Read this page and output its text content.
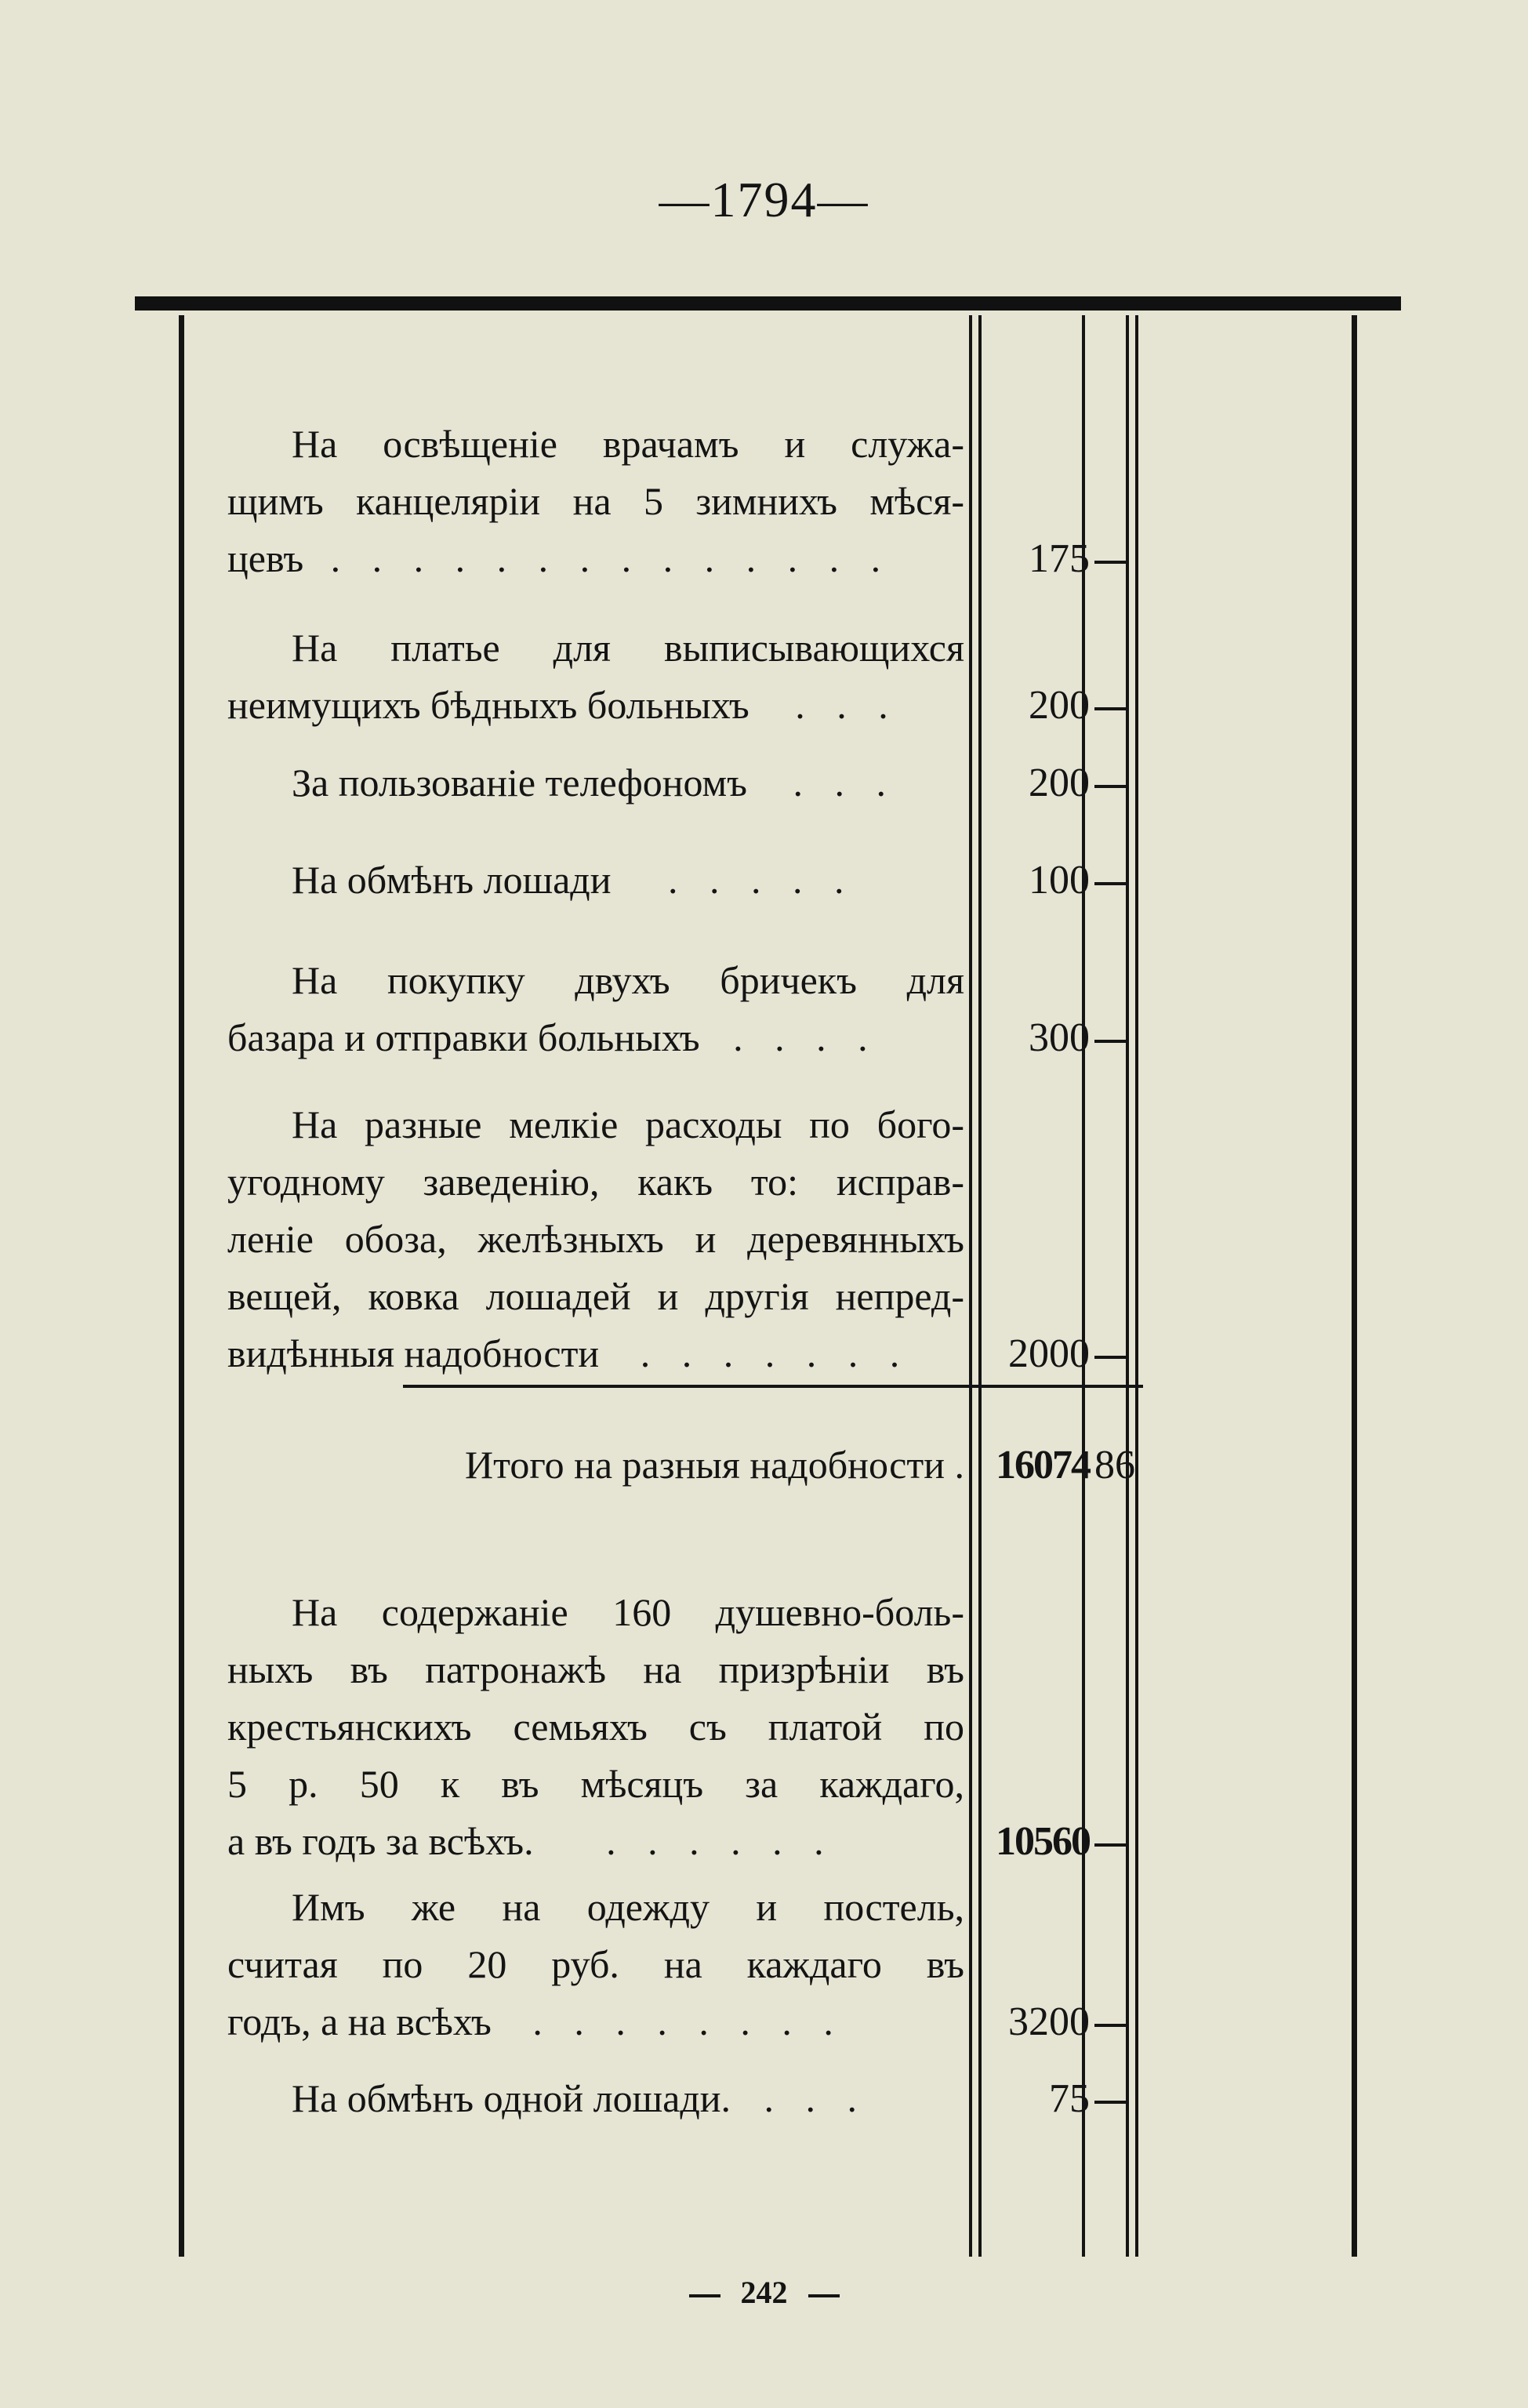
—1794—
На освѣщеніе врачамъ и служа-
щимъ канцеляріи на 5 зимнихъ мѣся-
цевъ . . . . . . . . . . . . . .	175
На платье для выписывающихся
неимущихъ бѣдныхъ больныхъ . . .	200
За пользованіе телефономъ . . .	200
На обмѣнъ лошади . . . . .	100
На покупку двухъ бричекъ для
базара и отправки больныхъ . . . .	300
На разные мелкіе расходы по бого-
угодному заведенію, какъ то: исправ-
леніе обоза, желѣзныхъ и деревянныхъ
вещей, ковка лошадей и другія непред-
видѣнныя надобности . . . . . . .	2000
Итого на разныя надобности . 16074 86
На содержаніе 160 душевно-боль-
ныхъ въ патронажѣ на призрѣніи въ
крестьянскихъ семьяхъ съ платой по
5 р. 50 к въ мѣсяцъ за каждаго,
а въ годъ за всѣхъ. . . . . . .	10560
Имъ же на одежду и постель,
считая по 20 руб. на каждаго въ
годъ, а на всѣхъ . . . . . . . .	3200
На обмѣнъ одной лошади. . . .	75
242
